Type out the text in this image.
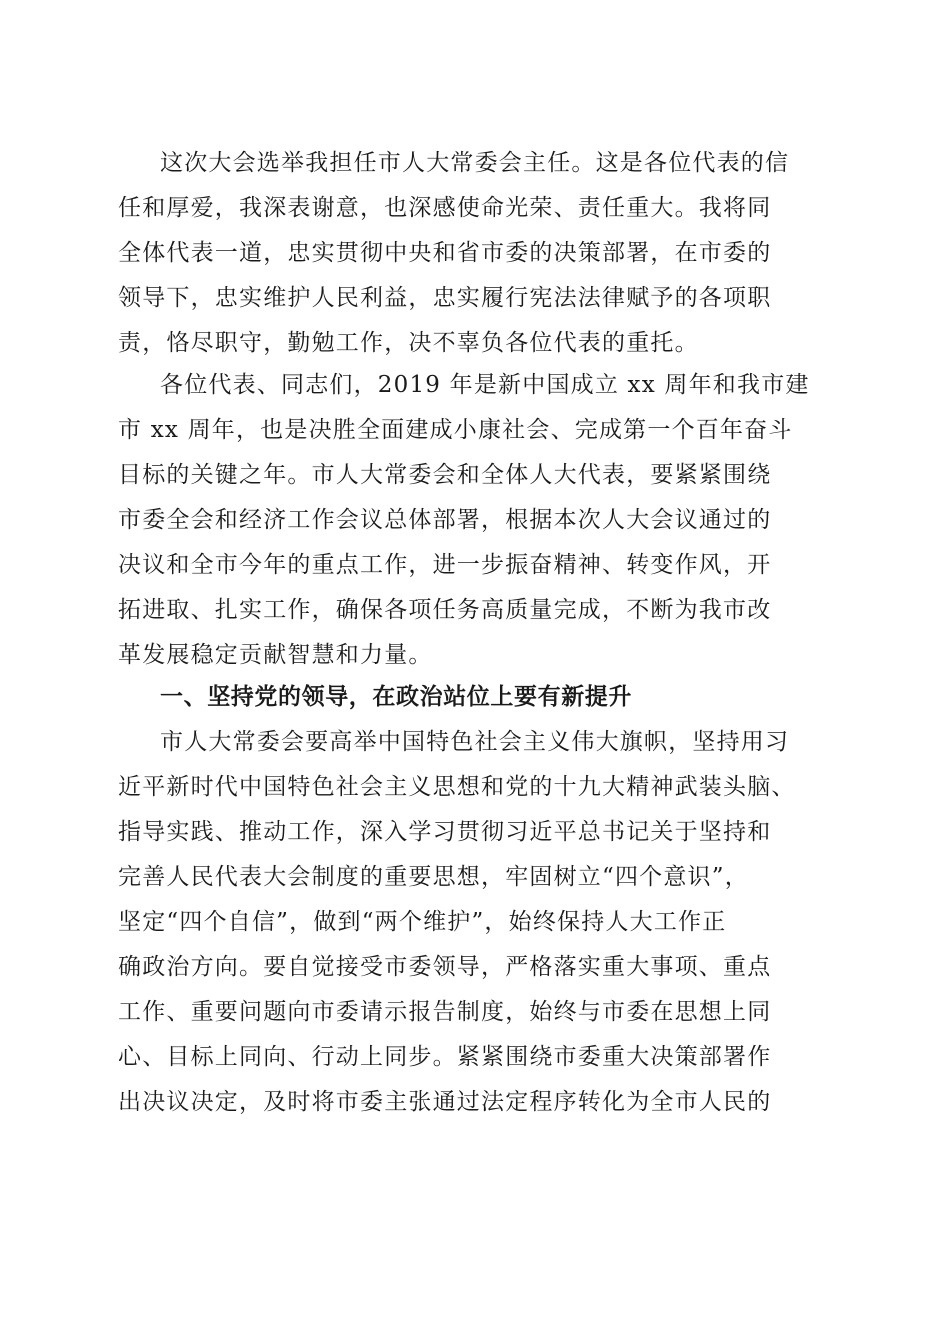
这次大会选举我担任市人大常委会主任。这是各位代表的信
任和厚爱，我深表谢意，也深感使命光荣、责任重大。我将同
全体代表一道，忠实贯彻中央和省市委的决策部署，在市委的
领导下，忠实维护人民利益，忠实履行宪法法律赋予的各项职
责，恪尽职守，勤勉工作，决不辜负各位代表的重托。
各位代表、同志们，2019 年是新中国成立 xx 周年和我市建
市 xx 周年，也是决胜全面建成小康社会、完成第一个百年奋斗
目标的关键之年。市人大常委会和全体人大代表，要紧紧围绕
市委全会和经济工作会议总体部署，根据本次人大会议通过的
决议和全市今年的重点工作，进一步振奋精神、转变作风，开
拓进取、扎实工作，确保各项任务高质量完成，不断为我市改
革发展稳定贡献智慧和力量。
一、坚持党的领导，在政治站位上要有新提升
市人大常委会要高举中国特色社会主义伟大旗帜，坚持用习
近平新时代中国特色社会主义思想和党的十九大精神武装头脑、
指导实践、推动工作，深入学习贯彻习近平总书记关于坚持和
完善人民代表大会制度的重要思想，牢固树立“四个意识”，
坚定“四个自信”，做到“两个维护”，始终保持人大工作正
确政治方向。要自觉接受市委领导，严格落实重大事项、重点
工作、重要问题向市委请示报告制度，始终与市委在思想上同
心、目标上同向、行动上同步。紧紧围绕市委重大决策部署作
出决议决定，及时将市委主张通过法定程序转化为全市人民的
